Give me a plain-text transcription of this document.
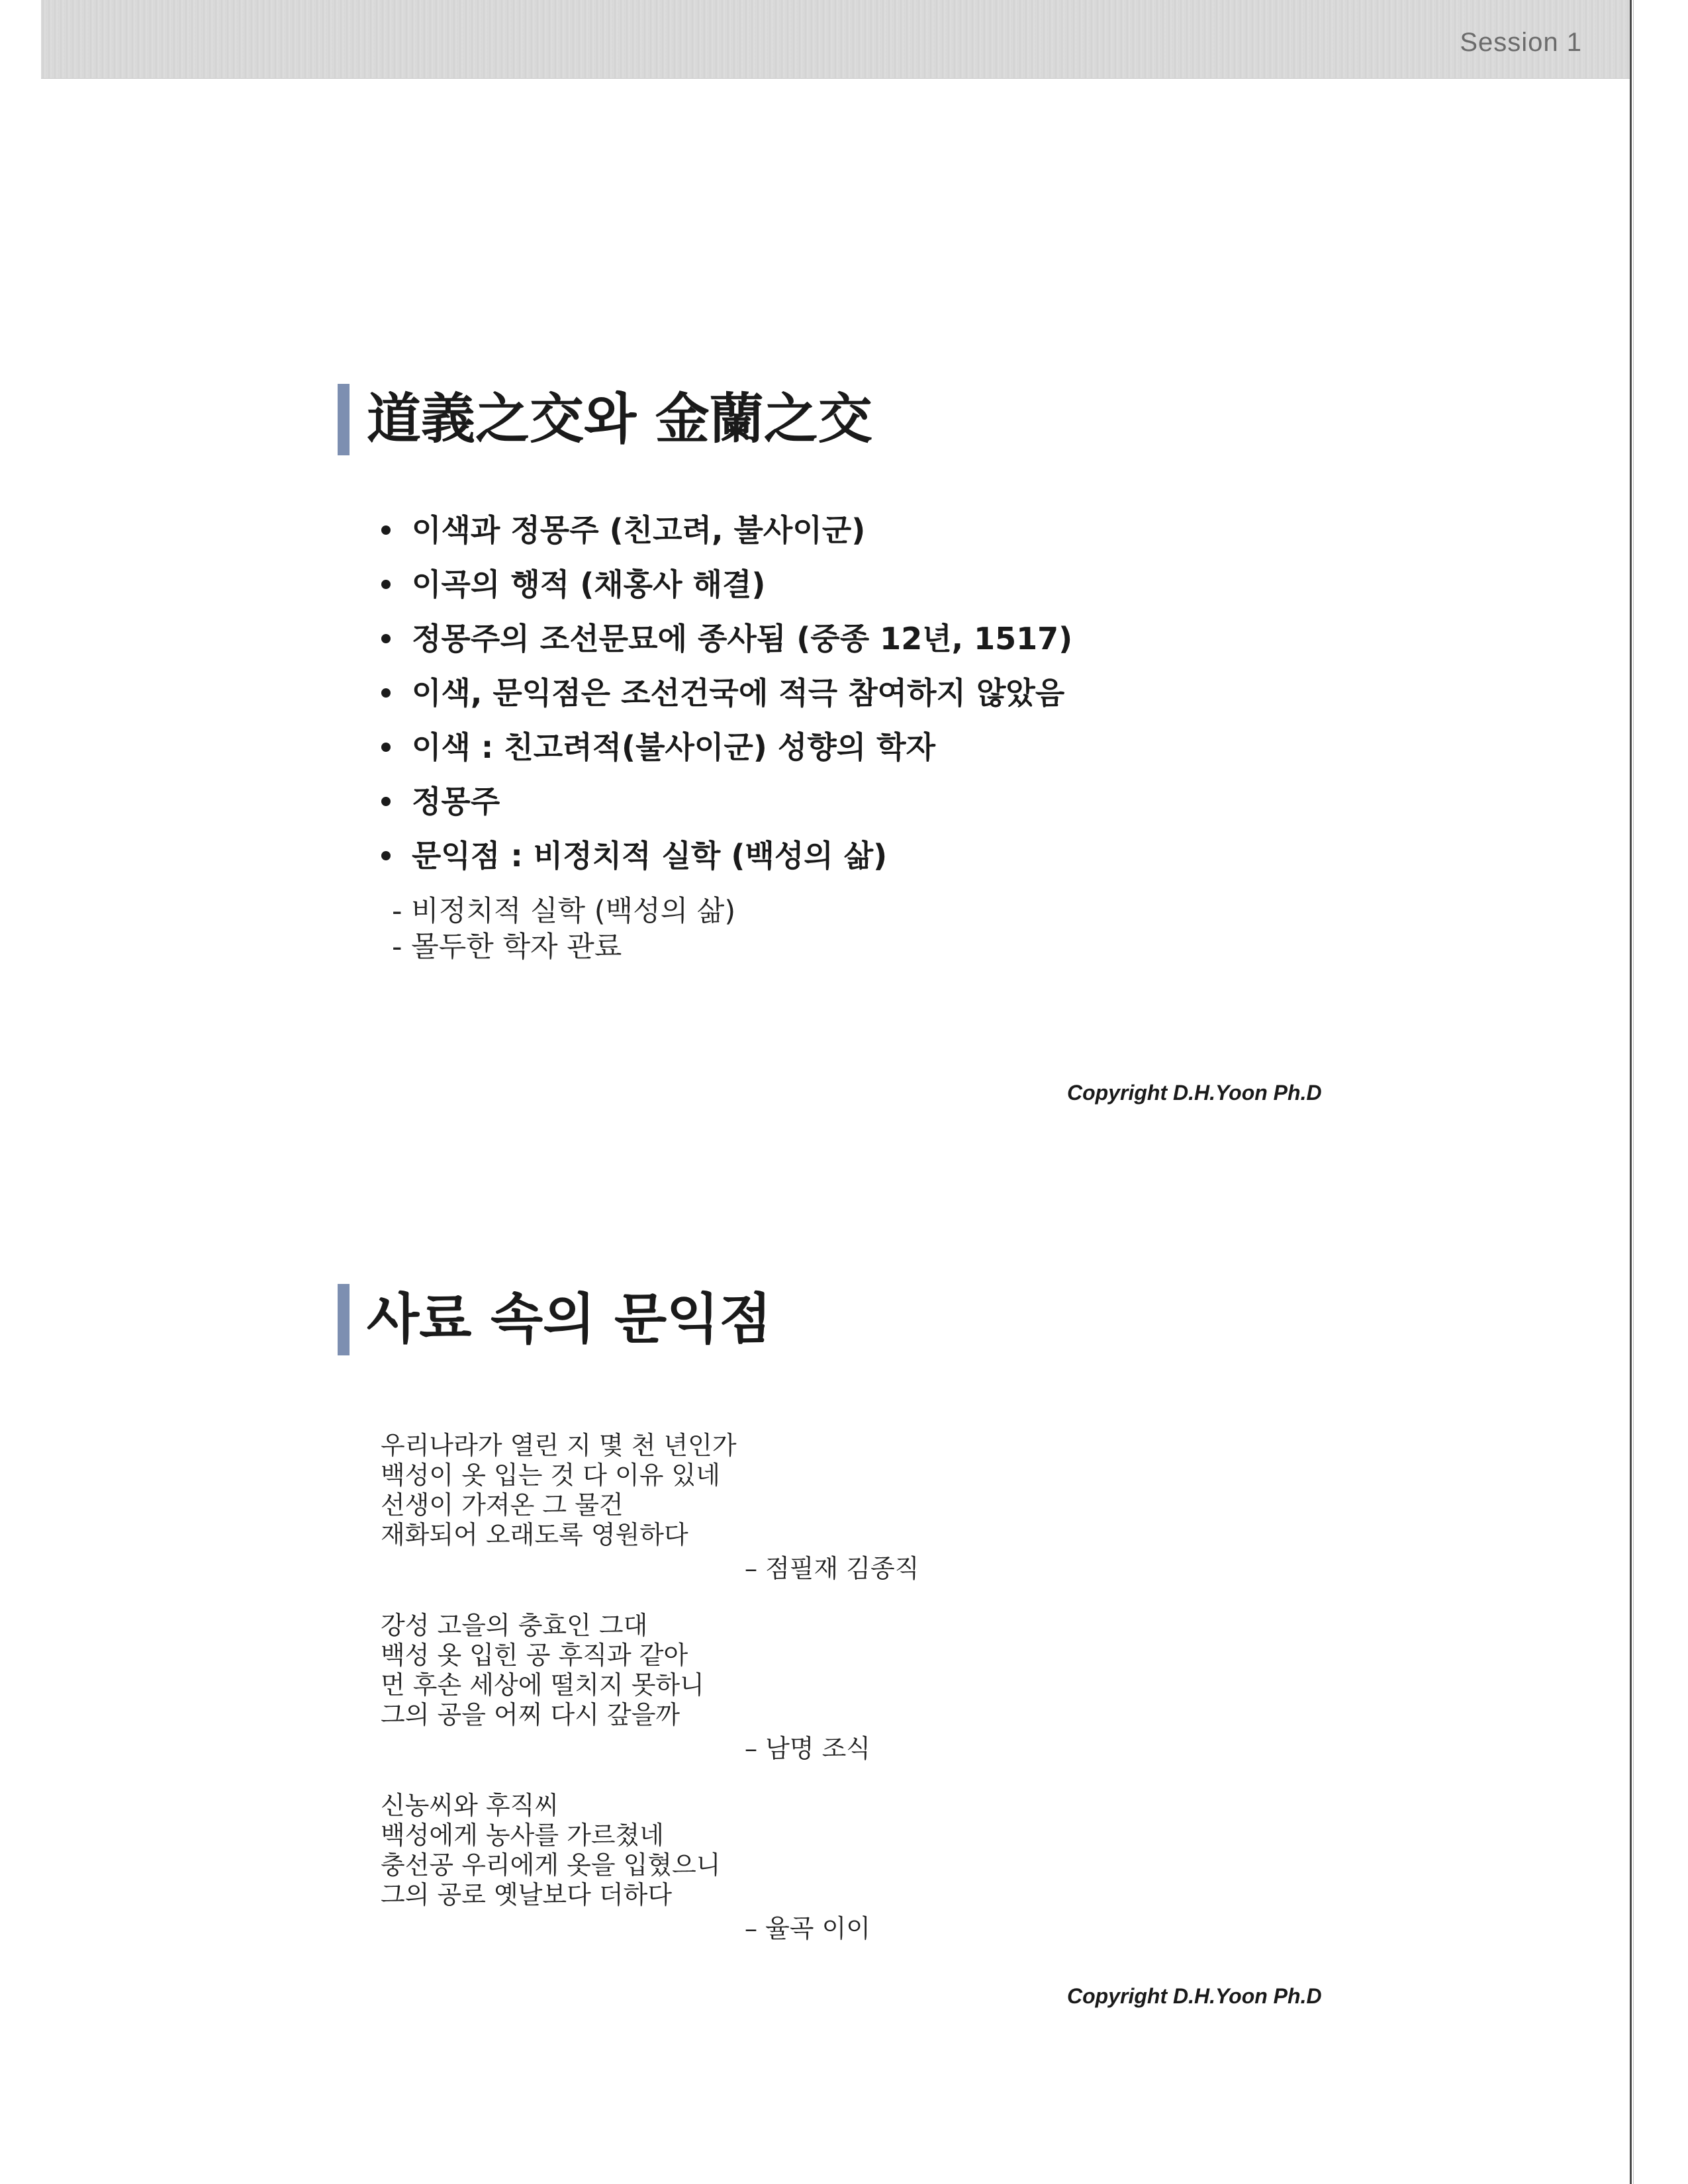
Session 1
道義之交와 金蘭之交
이색과 정몽주 (친고려, 불사이군)
이곡의 행적 (채홍사 해결)
정몽주의 조선문묘에 종사됨 (중종 12년, 1517)
이색, 문익점은 조선건국에 적극 참여하지 않았음
이색 : 친고려적(불사이군) 성향의 학자
정몽주
문익점 : 비정치적 실학 (백성의 삶)
- 비정치적 실학 (백성의 삶)
- 몰두한 학자 관료
Copyright D.H.Yoon Ph.D
사료 속의 문익점
우리나라가 열린 지 몇 천 년인가
백성이 옷 입는 것 다 이유 있네
선생이 가져온 그 물건
재화되어 오래도록 영원하다
– 점필재 김종직
강성 고을의 충효인 그대
백성 옷 입힌 공 후직과 같아
먼 후손 세상에 떨치지 못하니
그의 공을 어찌 다시 갚을까
– 남명 조식
신농씨와 후직씨
백성에게 농사를 가르쳤네
충선공 우리에게 옷을 입혔으니
그의 공로 옛날보다 더하다
– 율곡 이이
Copyright D.H.Yoon Ph.D
